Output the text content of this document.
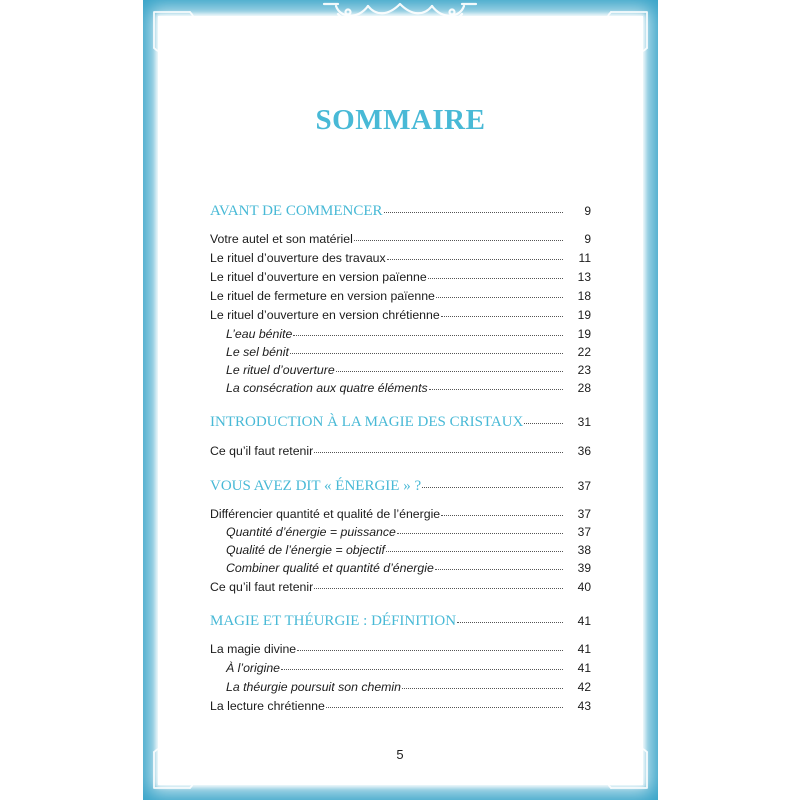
SOMMAIRE
AVANT DE COMMENCER	9
Votre autel et son matériel	9
Le rituel d’ouverture des travaux	11
Le rituel d’ouverture en version païenne	13
Le rituel de fermeture en version païenne	18
Le rituel d’ouverture en version chrétienne	19
L’eau bénite	19
Le sel bénit	22
Le rituel d’ouverture	23
La consécration aux quatre éléments	28
INTRODUCTION À LA MAGIE DES CRISTAUX	31
Ce qu’il faut retenir	36
VOUS AVEZ DIT « ÉNERGIE » ?	37
Différencier quantité et qualité de l’énergie	37
Quantité d’énergie = puissance	37
Qualité de l’énergie = objectif	38
Combiner qualité et quantité d’énergie	39
Ce qu’il faut retenir	40
MAGIE ET THÉURGIE : DÉFINITION	41
La magie divine	41
À l’origine	41
La théurgie poursuit son chemin	42
La lecture chrétienne	43
5
